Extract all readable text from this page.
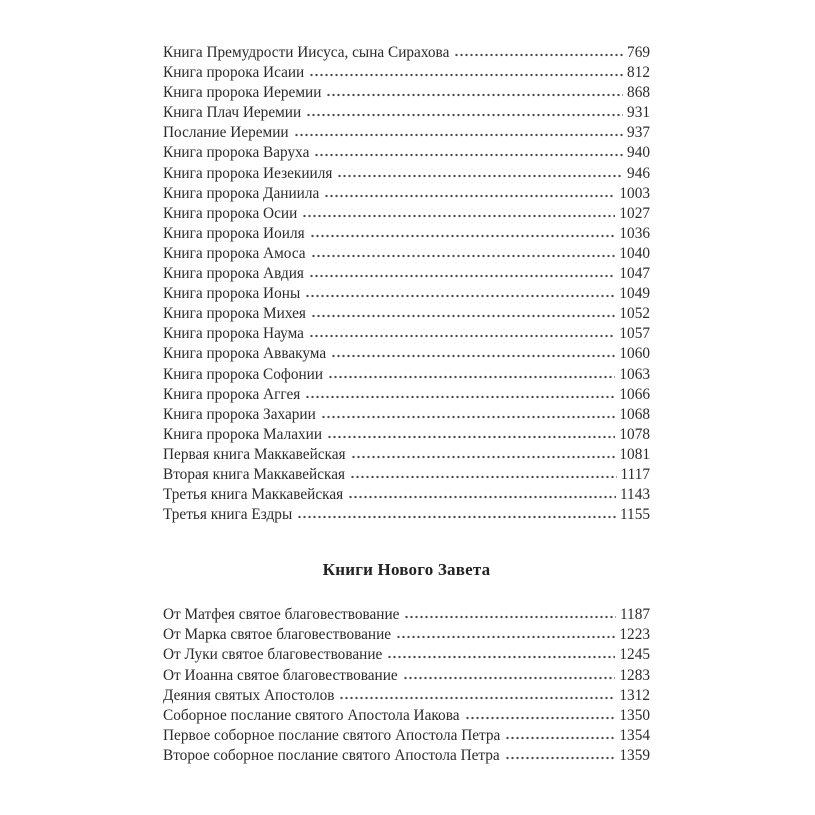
Книга Премудрости Иисуса, сына Сирахова	769
Книга пророка Исаии	812
Книга пророка Иеремии	868
Книга Плач Иеремии	931
Послание Иеремии	937
Книга пророка Варуха	940
Книга пророка Иезекииля	946
Книга пророка Даниила	1003
Книга пророка Осии	1027
Книга пророка Иоиля	1036
Книга пророка Амоса	1040
Книга пророка Авдия	1047
Книга пророка Ионы	1049
Книга пророка Михея	1052
Книга пророка Наума	1057
Книга пророка Аввакума	1060
Книга пророка Софонии	1063
Книга пророка Аггея	1066
Книга пророка Захарии	1068
Книга пророка Малахии	1078
Первая книга Маккавейская	1081
Вторая книга Маккавейская	1117
Третья книга Маккавейская	1143
Третья книга Ездры	1155
Книги Нового Завета
От Матфея святое благовествование	1187
От Марка святое благовествование	1223
От Луки святое благовествование	1245
От Иоанна святое благовествование	1283
Деяния святых Апостолов	1312
Соборное послание святого Апостола Иакова	1350
Первое соборное послание святого Апостола Петра	1354
Второе соборное послание святого Апостола Петра	1359
